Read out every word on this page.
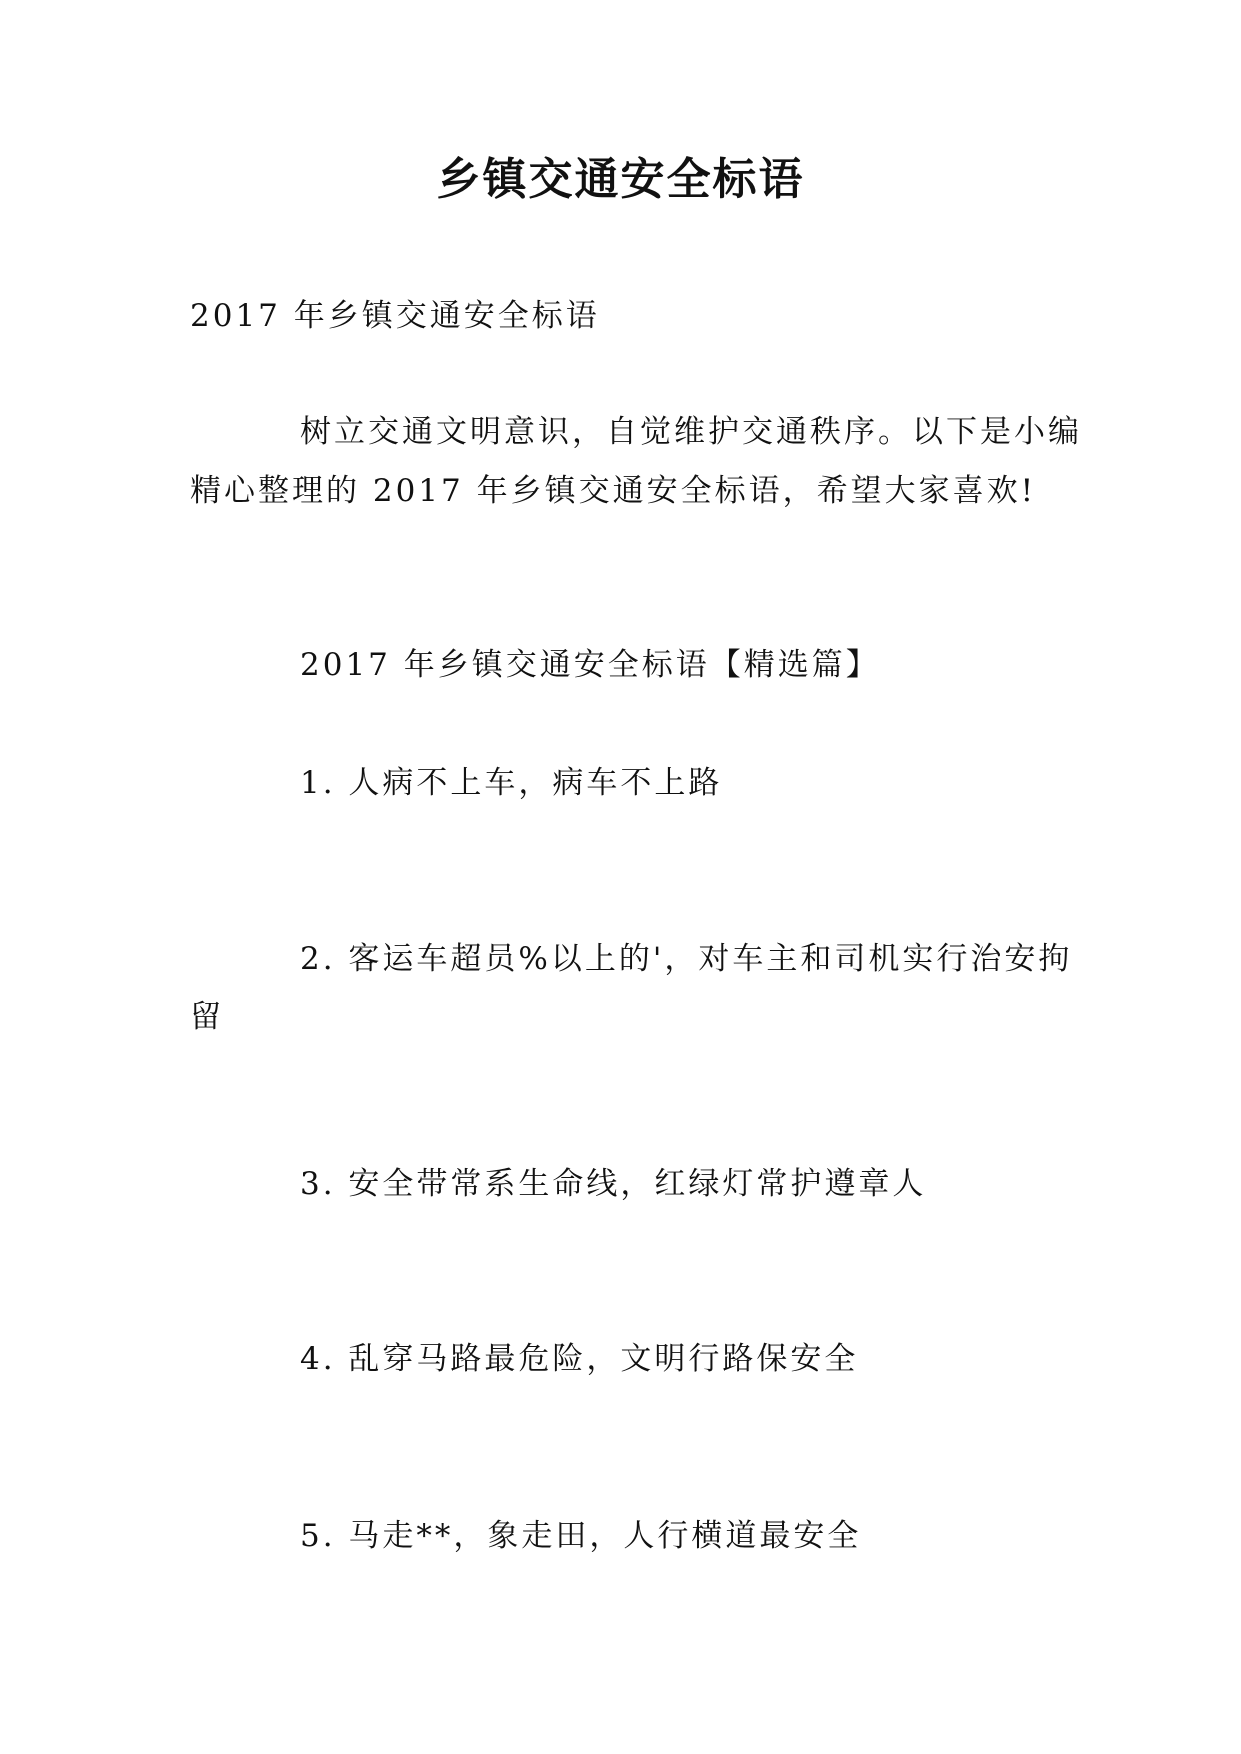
乡镇交通安全标语
2017 年乡镇交通安全标语
树立交通文明意识，自觉维护交通秩序。以下是小编
精心整理的 2017 年乡镇交通安全标语，希望大家喜欢!
2017 年乡镇交通安全标语【精选篇】
1. 人病不上车，病车不上路
2. 客运车超员%以上的'，对车主和司机实行治安拘
留
3. 安全带常系生命线，红绿灯常护遵章人
4. 乱穿马路最危险，文明行路保安全
5. 马走**，象走田，人行横道最安全
